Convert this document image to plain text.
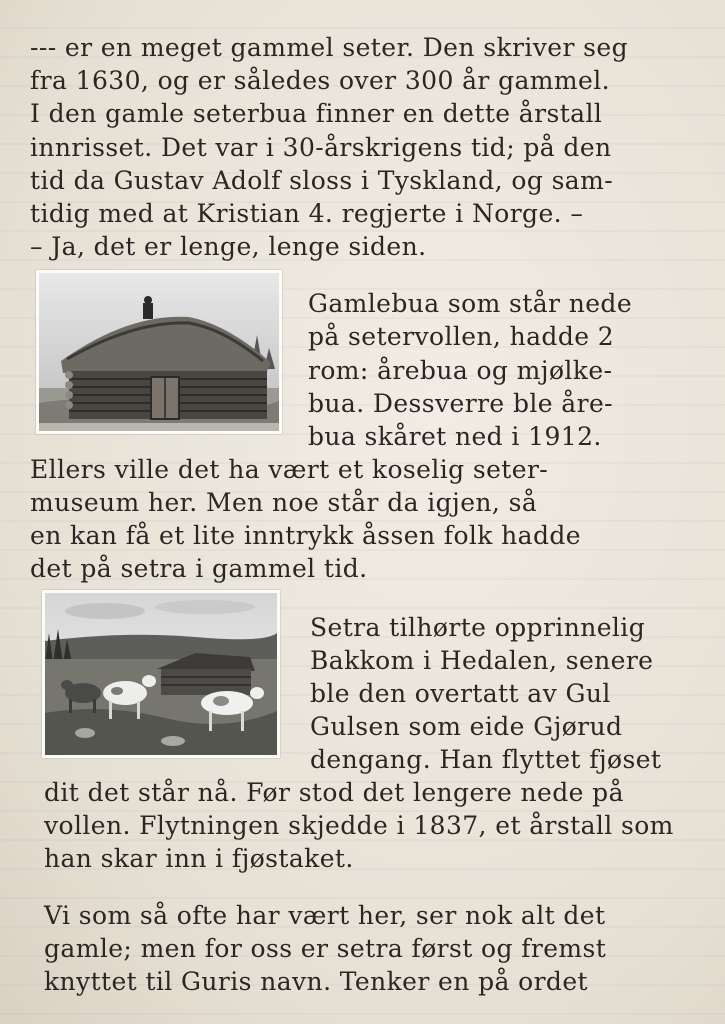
--- er en meget gammel seter. Den skriver seg
fra 1630, og er således over 300 år gammel.
I den gamle seterbua finner en dette årstall
innrisset. Det var i 30-årskrigens tid; på den
tid da Gustav Adolf sloss i Tyskland, og sam-
tidig med at Kristian 4. regjerte i Norge. –
– Ja, det er lenge, lenge siden.
Gamlebua som står nede
på setervollen, hadde 2
rom: årebua og mjølke-
bua. Dessverre ble åre-
bua skåret ned i 1912.
Ellers ville det ha vært et koselig seter-
museum her. Men noe står da igjen, så
en kan få et lite inntrykk åssen folk hadde
det på setra i gammel tid.
Setra tilhørte opprinnelig
Bakkom i Hedalen, senere
ble den overtatt av Gul
Gulsen som eide Gjørud
dengang. Han flyttet fjøset
dit det står nå. Før stod det lengere nede på
vollen. Flytningen skjedde i 1837, et årstall som
han skar inn i fjøstaket.
Vi som så ofte har vært her, ser nok alt det
gamle; men for oss er setra først og fremst
knyttet til Guris navn. Tenker en på ordet
